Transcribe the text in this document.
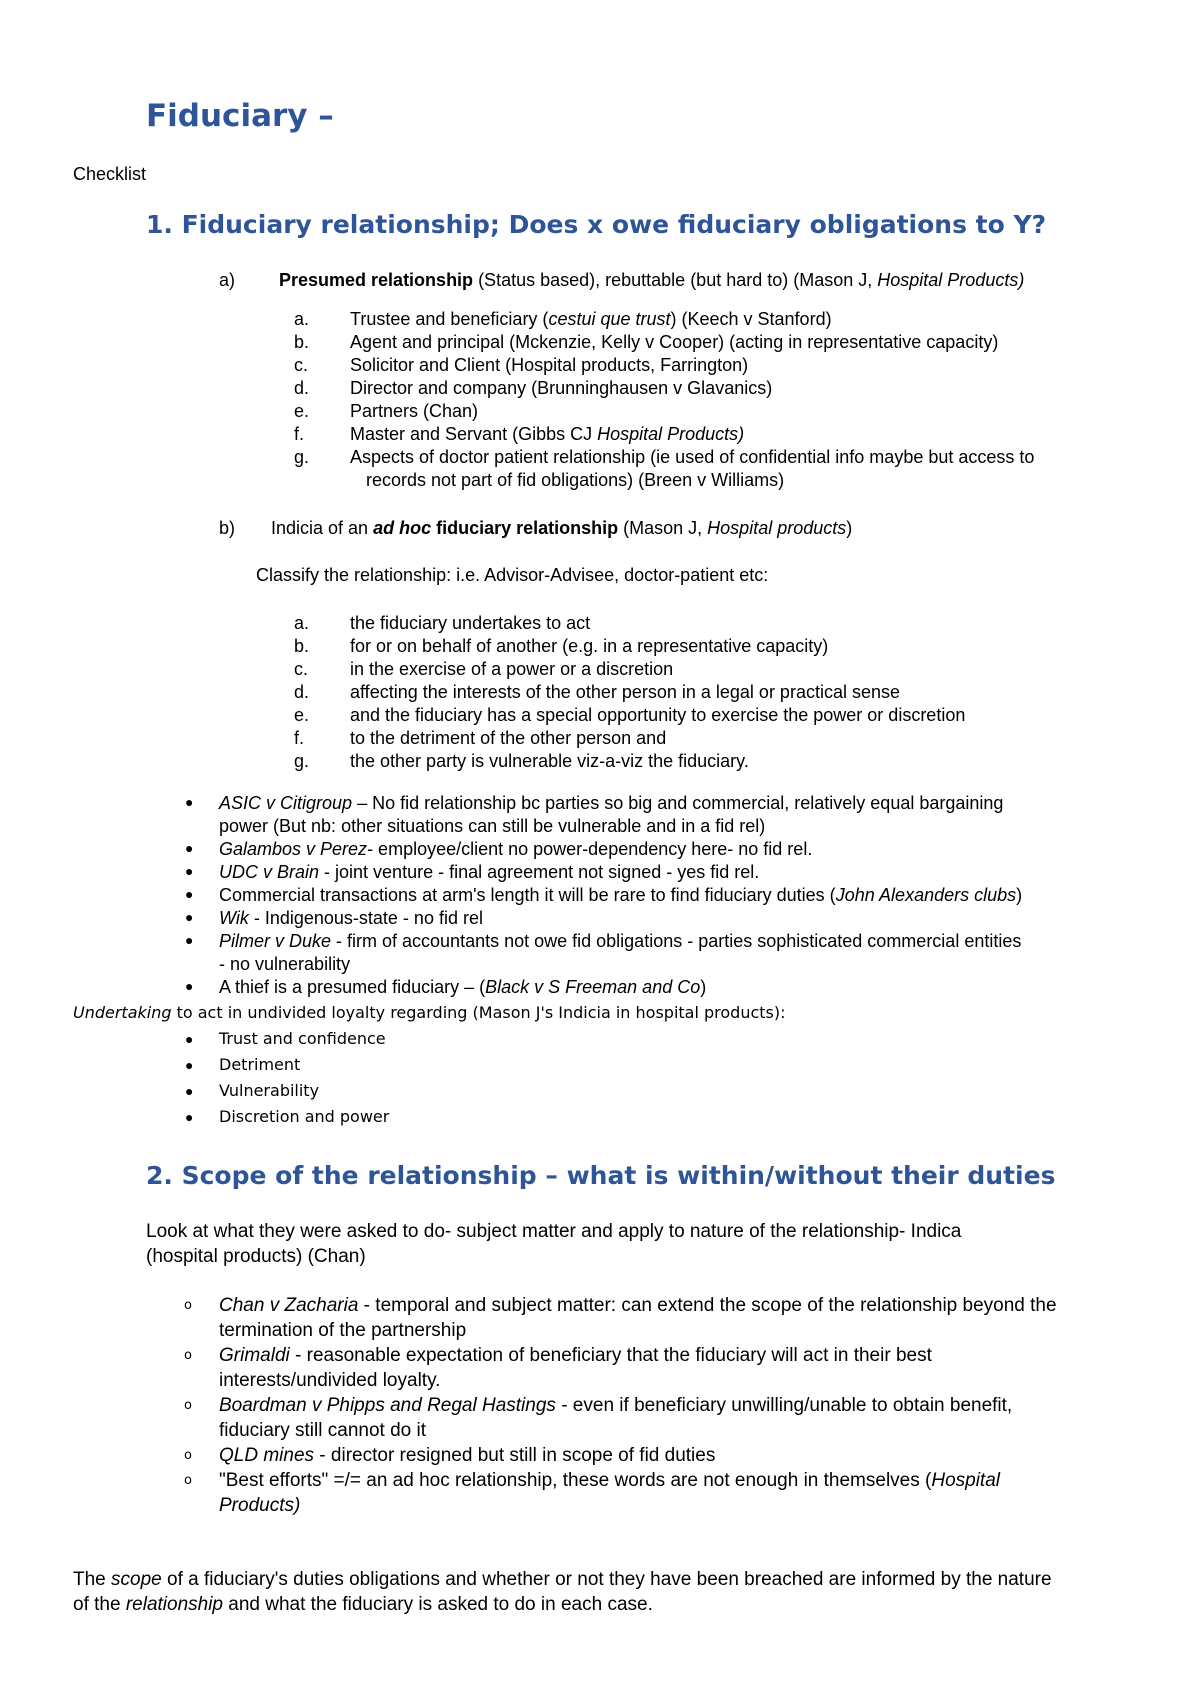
Fiduciary –
Checklist
1. Fiduciary relationship; Does x owe fiduciary obligations to Y?
a) Presumed relationship (Status based), rebuttable (but hard to) (Mason J, Hospital Products)
a. Trustee and beneficiary (cestui que trust) (Keech v Stanford)
b. Agent and principal (Mckenzie, Kelly v Cooper) (acting in representative capacity)
c. Solicitor and Client (Hospital products, Farrington)
d. Director and company (Brunninghausen v Glavanics)
e. Partners (Chan)
f.	Master and Servant (Gibbs CJ Hospital Products)
g. Aspects of doctor patient relationship (ie used of confidential info maybe but access to
records not part of fid obligations) (Breen v Williams)
b) Indicia of an ad hoc fiduciary relationship (Mason J, Hospital products)
Classify the relationship: i.e. Advisor-Advisee, doctor-patient etc:
a. the fiduciary undertakes to act
b. for or on behalf of another (e.g. in a representative capacity)
c. in the exercise of a power or a discretion
d. affecting the interests of the other person in a legal or practical sense
e. and the fiduciary has a special opportunity to exercise the power or discretion
f.	to the detriment of the other person and
g. the other party is vulnerable viz-a-viz the fiduciary.
● ASIC v Citigroup – No fid relationship bc parties so big and commercial, relatively equal bargaining
power (But nb: other situations can still be vulnerable and in a fid rel)
● Galambos v Perez- employee/client no power-dependency here- no fid rel.
● UDC v Brain - joint venture - final agreement not signed - yes fid rel.
● Commercial transactions at arm's length it will be rare to find fiduciary duties (John Alexanders clubs)
● Wik - Indigenous-state - no fid rel
● Pilmer v Duke - firm of accountants not owe fid obligations - parties sophisticated commercial entities
- no vulnerability
● A thief is a presumed fiduciary – (Black v S Freeman and Co)
Undertaking to act in undivided loyalty regarding (Mason J's Indicia in hospital products):
● Trust and confidence
● Detriment
● Vulnerability
● Discretion and power
2. Scope of the relationship – what is within/without their duties
Look at what they were asked to do- subject matter and apply to nature of the relationship- Indica
(hospital products) (Chan)
o Chan v Zacharia - temporal and subject matter: can extend the scope of the relationship beyond the
termination of the partnership
o Grimaldi - reasonable expectation of beneficiary that the fiduciary will act in their best
interests/undivided loyalty.
o Boardman v Phipps and Regal Hastings - even if beneficiary unwilling/unable to obtain benefit,
fiduciary still cannot do it
o QLD mines - director resigned but still in scope of fid duties
o "Best efforts" =/= an ad hoc relationship, these words are not enough in themselves (Hospital
Products)
The scope of a fiduciary's duties obligations and whether or not they have been breached are informed by the nature
of the relationship and what the fiduciary is asked to do in each case.
